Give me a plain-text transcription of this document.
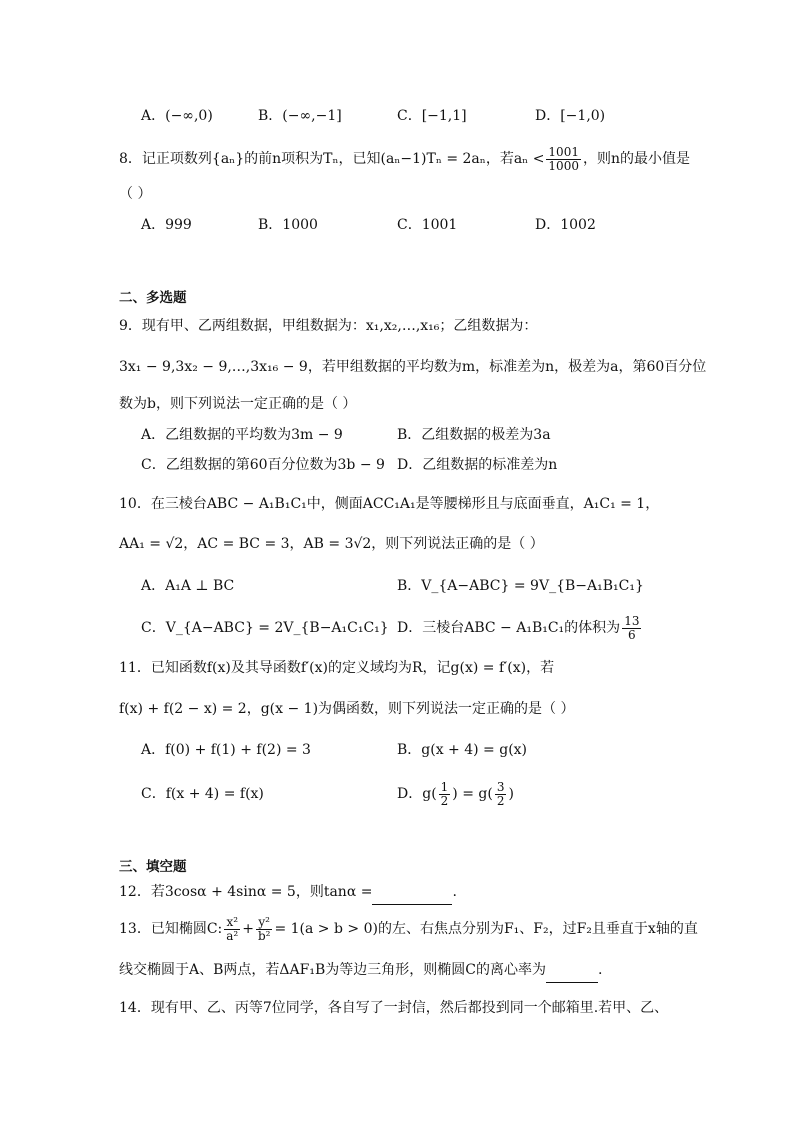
A．(−∞,0)	B．(−∞,−1]	C．[−1,1]	D．[−1,0)
8．记正项数列{aₙ}的前n项积为Tₙ，已知(aₙ−1)Tₙ = 2aₙ，若$a_n < \frac{1001}{1000}$ ，则n的最小值是
（ ）
A．999	B．1000	C．1001	D．1002
二、多选题
9．现有甲、乙两组数据，甲组数据为：x₁,x₂,…,x₁₆；乙组数据为：
3x₁ − 9,3x₂ − 9,…,3x₁₆ − 9，若甲组数据的平均数为m，标准差为n，极差为a，第60百分位
数为b，则下列说法一定正确的是（ ）
A．乙组数据的平均数为3m − 9	B．乙组数据的极差为3a
C．乙组数据的第60百分位数为3b − 9 D．乙组数据的标准差为n
10．在三棱台ABC − A₁B₁C₁中，侧面ACC₁A₁是等腰梯形且与底面垂直，A₁C₁ = 1，
AA₁ = √2，AC = BC = 3，AB = 3√2，则下列说法正确的是（ ）
A．A₁A ⊥ BC	B．V_{A−ABC} = 9V_{B−A₁B₁C₁}
C．V_{A−ABC} = 2V_{B−A₁C₁C₁} D．三棱台ABC − A₁B₁C₁的体积为 $\frac{13}{6}$
11．已知函数f(x)及其导函数f′(x)的定义域均为R，记g(x) = f′(x)，若
f(x) + f(2 − x) = 2，g(x − 1)为偶函数，则下列说法一定正确的是（ ）
A．f(0) + f(1) + f(2) = 3	B．g(x + 4) = g(x)
C．f(x + 4) = f(x)	D．$g( \frac{1}{2}$ ) = $g( \frac{3}{2}$ )
三、填空题
12．若3cosα + 4sinα = 5，则tanα =	.
13．已知椭圆C: $\frac{\text{x²}}{\text{a²}} + \frac{\text{y²}}{\text{b²}} = 1(a > b > 0)$的左、右焦点分别为F₁、F₂，过F₂且垂直于x轴的直
线交椭圆于A、B两点，若ΔAF₁B为等边三角形，则椭圆C的离心率为	.
14．现有甲、乙、丙等7位同学，各自写了一封信，然后都投到同一个邮箱里.若甲、乙、
